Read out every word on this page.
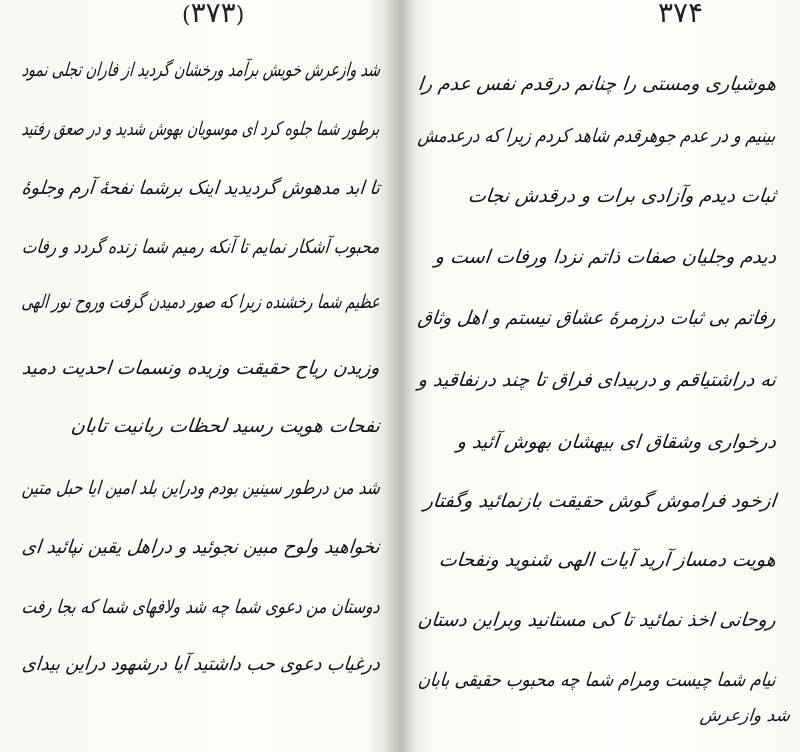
(۳۷۳)
شد وازعرش خویش برآمد ورخشان گردید از فاران تجلی نمود
برطور شما جلوه کرد ای موسویان بهوش شدید و در صعق رفتید
تا ابد مدهوش گردیدید اینک برشما نفحهٔ آرم وجلوهٔ
محبوب آشکار نمایم تا آنکه رمیم شما زنده گردد و رفات
عظیم شما رخشنده زیرا که صور دمیدن گرفت وروح نور الهی
وزیدن ریاح حقیقت وزیده ونسمات احدیت دمید
نفحات هویت رسید لحظات ربانیت تابان
شد من درطور سینین بودم ودراین بلد امین ایا حبل متین
نخواهید ولوح مبین نجوئید و دراهل یقین نپائید ای
دوستان من دعوی شما چه شد ولافهای شما که بجا رفت
درغیاب دعوی حب داشتید آیا درشهود دراین بیدای
۳۷۴
هوشیاری ومستی را چنانم درقدم نفس عدم را
بینیم و در عدم جوهرقدم شاهد کردم زیرا که درعدمش
ثبات دیدم وآزادی برات و درقدش نجات
دیدم وجلیان صفات ذاتم نزدا ورفات است و
رفاتم بی ثبات درزمرهٔ عشاق نیستم و اهل وثاق
نه دراشتیاقم و دربیدای فراق تا چند درنفاقید و
درخواری وشقاق ای بیهشان بهوش آئید و
ازخود فراموش گوش حقیقت بازنمائید وگفتار
هویت دمساز آرید آیات الهی شنوید ونفحات
روحانی اخذ نمائید تا کی مستانید وبراین دستان
نیام شما چیست ومرام شما چه محبوب حقیقی بابان
شد وازعرش
